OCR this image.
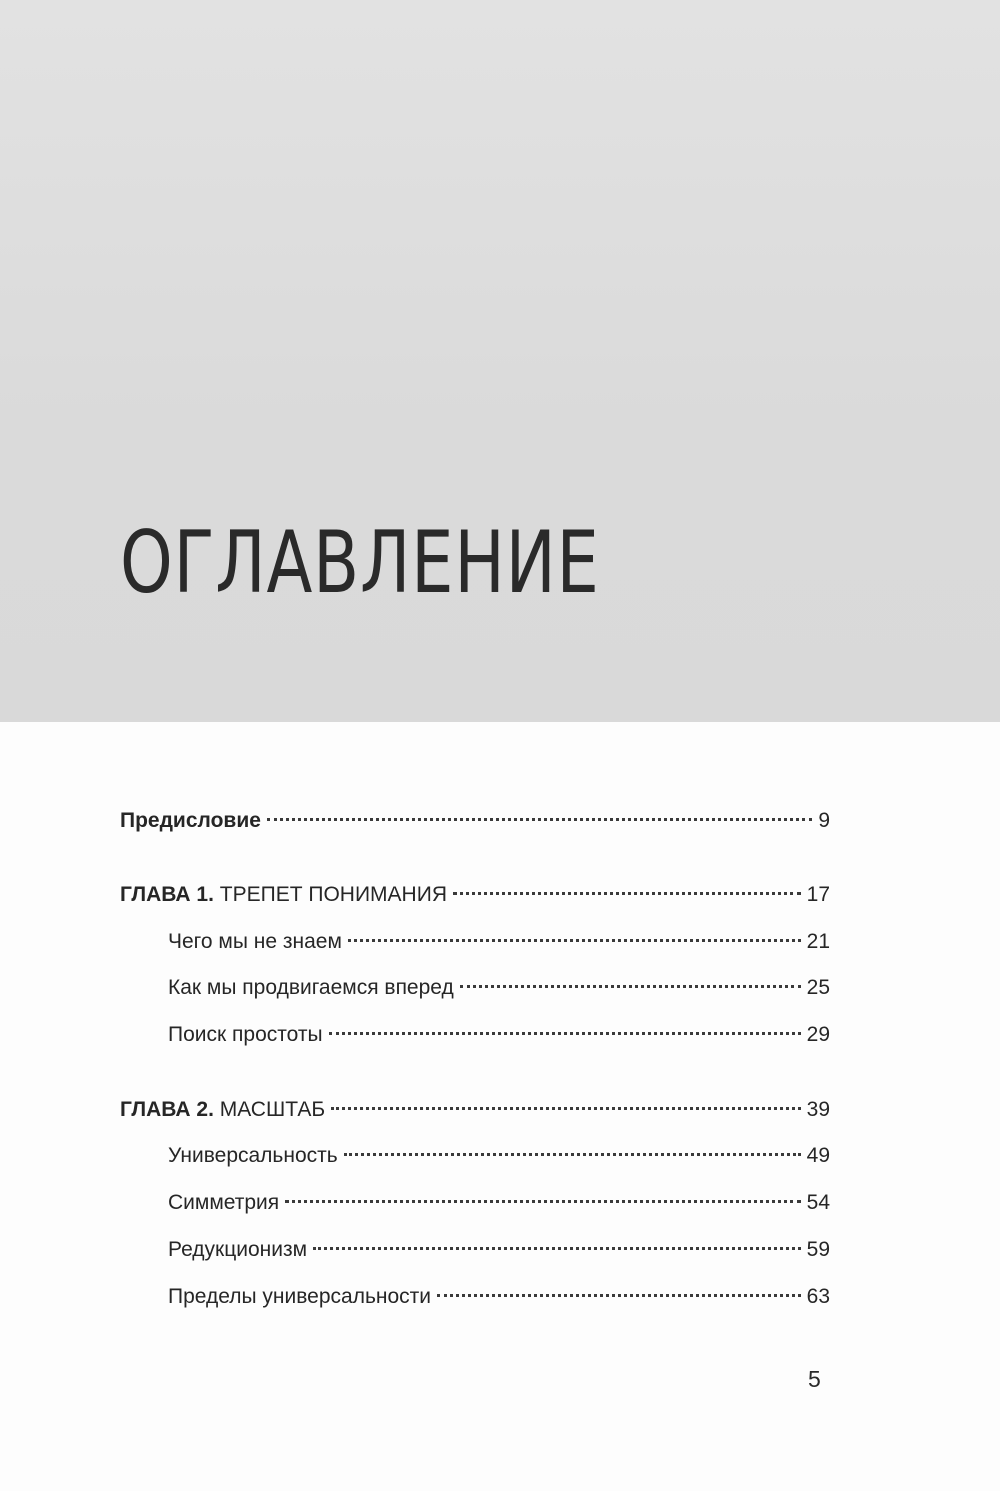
ОГЛАВЛЕНИЕ
Предисловие	9
ГЛАВА 1. ТРЕПЕТ ПОНИМАНИЯ	17
Чего мы не знаем	21
Как мы продвигаемся вперед	25
Поиск простоты	29
ГЛАВА 2. МАСШТАБ	39
Универсальность	49
Симметрия	54
Редукционизм	59
Пределы универсальности	63
5
